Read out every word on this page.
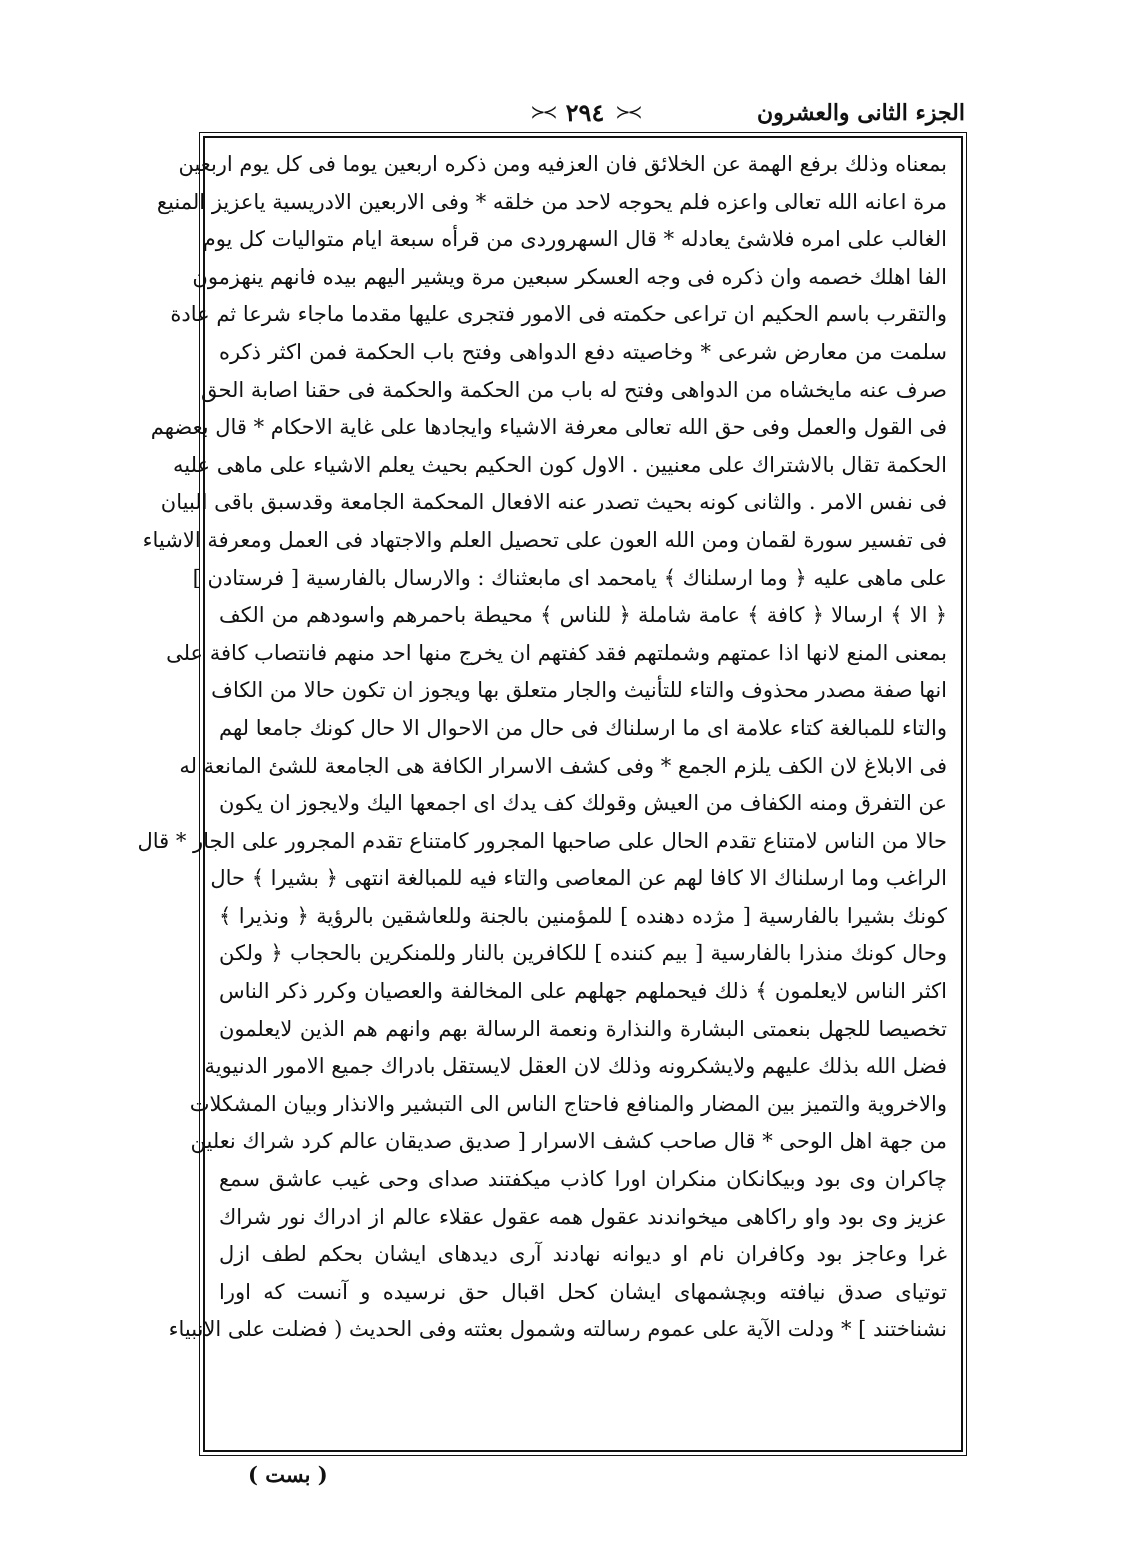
الجزء الثانى والعشرون
≻≺ ٢٩٤ ≻≺
بمعناه وذلك برفع الهمة عن الخلائق فان العزفيه ومن ذكره اربعين يوما فى كل يوم اربعين
مرة اعانه الله تعالى واعزه فلم يحوجه لاحد من خلقه * وفى الاربعين الادريسية ياعزيز المنيع
الغالب على امره فلاشئ يعادله * قال السهروردى من قرأه سبعة ايام متواليات كل يوم
الفا اهلك خصمه وان ذكره فى وجه العسكر سبعين مرة ويشير اليهم بيده فانهم ينهزمون
والتقرب باسم الحكيم ان تراعى حكمته فى الامور فتجرى عليها مقدما ماجاء شرعا ثم عادة
سلمت من معارض شرعى * وخاصيته دفع الدواهى وفتح باب الحكمة فمن اكثر ذكره
صرف عنه مايخشاه من الدواهى وفتح له باب من الحكمة والحكمة فى حقنا اصابة الحق
فى القول والعمل وفى حق الله تعالى معرفة الاشياء وايجادها على غاية الاحكام * قال بعضهم
الحكمة تقال بالاشتراك على معنيين . الاول كون الحكيم بحيث يعلم الاشياء على ماهى عليه
فى نفس الامر . والثانى كونه بحيث تصدر عنه الافعال المحكمة الجامعة وقدسبق باقى البيان
فى تفسير سورة لقمان ومن الله العون على تحصيل العلم والاجتهاد فى العمل ومعرفة الاشياء
على ماهى عليه ﴿ وما ارسلناك ﴾ يامحمد اى مابعثناك : والارسال بالفارسية [ فرستادن ]
﴿ الا ﴾ ارسالا ﴿ كافة ﴾ عامة شاملة ﴿ للناس ﴾ محيطة باحمرهم واسودهم من الكف
بمعنى المنع لانها اذا عمتهم وشملتهم فقد كفتهم ان يخرج منها احد منهم فانتصاب كافة على
انها صفة مصدر محذوف والتاء للتأنيث والجار متعلق بها ويجوز ان تكون حالا من الكاف
والتاء للمبالغة كتاء علامة اى ما ارسلناك فى حال من الاحوال الا حال كونك جامعا لهم
فى الابلاغ لان الكف يلزم الجمع * وفى كشف الاسرار الكافة هى الجامعة للشئ المانعة له
عن التفرق ومنه الكفاف من العيش وقولك كف يدك اى اجمعها اليك ولايجوز ان يكون
حالا من الناس لامتناع تقدم الحال على صاحبها المجرور كامتناع تقدم المجرور على الجار * قال
الراغب وما ارسلناك الا كافا لهم عن المعاصى والتاء فيه للمبالغة انتهى ﴿ بشيرا ﴾ حال
كونك بشيرا بالفارسية [ مژده دهنده ] للمؤمنين بالجنة وللعاشقين بالرؤية ﴿ ونذيرا ﴾
وحال كونك منذرا بالفارسية [ بيم كننده ] للكافرين بالنار وللمنكرين بالحجاب ﴿ ولكن
اكثر الناس لايعلمون ﴾ ذلك فيحملهم جهلهم على المخالفة والعصيان وكرر ذكر الناس
تخصيصا للجهل بنعمتى البشارة والنذارة ونعمة الرسالة بهم وانهم هم الذين لايعلمون
فضل الله بذلك عليهم ولايشكرونه وذلك لان العقل لايستقل بادراك جميع الامور الدنيوية
والاخروية والتميز بين المضار والمنافع فاحتاج الناس الى التبشير والانذار وبيان المشكلات
من جهة اهل الوحى * قال صاحب كشف الاسرار [ صديق صديقان عالم كرد شراك نعلين
چاكران وى بود وبيكانكان منكران اورا كاذب ميكفتند صداى وحى غيب عاشق سمع
عزيز وى بود واو راكاهى ميخواندند عقول همه عقول عقلاء عالم از ادراك نور شراك
غرا وعاجز بود وكافران نام او ديوانه نهادند آرى ديدهاى ايشان بحكم لطف ازل
توتيای صدق نيافته وبچشمهای ايشان كحل اقبال حق نرسيده و آنست كه اورا
نشناختند ] * ودلت الآية على عموم رسالته وشمول بعثته وفى الحديث ( فضلت على الانبياء
( بست )
